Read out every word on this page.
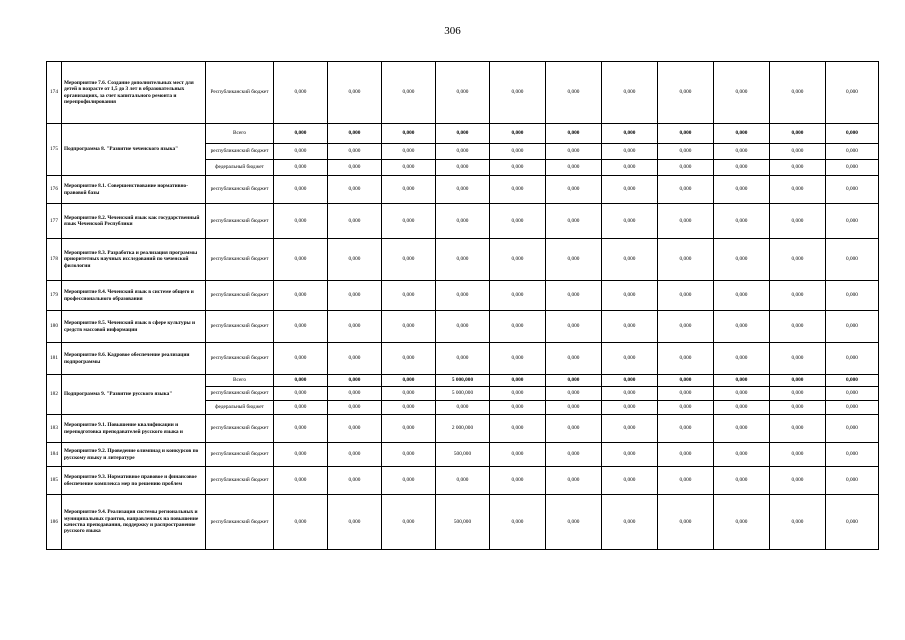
306
174	Мероприятие 7.6. Создание дополнительных мест для детей в возрасте от 1,5 до 3 лет в образовательных организациях, за счет капитального ремонта и перепрофилирования	Республиканский бюджет	0,000	0,000	0,000	0,000	0,000	0,000	0,000	0,000	0,000	0,000	0,000
175	Подпрограмма 8. "Развитие чеченского языка"	Всего	0,000	0,000	0,000	0,000	0,000	0,000	0,000	0,000	0,000	0,000	0,000
		республиканский бюджет	0,000	0,000	0,000	0,000	0,000	0,000	0,000	0,000	0,000	0,000	0,000
		федеральный бюджет	0,000	0,000	0,000	0,000	0,000	0,000	0,000	0,000	0,000	0,000	0,000
176	Мероприятие 8.1. Совершенствование нормативно-правовой базы	республиканский бюджет	0,000	0,000	0,000	0,000	0,000	0,000	0,000	0,000	0,000	0,000	0,000
177	Мероприятие 8.2. Чеченский язык как государственный язык Чеченской Республики	республиканский бюджет	0,000	0,000	0,000	0,000	0,000	0,000	0,000	0,000	0,000	0,000	0,000
178	Мероприятие 8.3. Разработка и реализация программы приоритетных научных исследований по чеченской филологии	республиканский бюджет	0,000	0,000	0,000	0,000	0,000	0,000	0,000	0,000	0,000	0,000	0,000
179	Мероприятие 8.4. Чеченский язык в системе общего и профессионального образования	республиканский бюджет	0,000	0,000	0,000	0,000	0,000	0,000	0,000	0,000	0,000	0,000	0,000
180	Мероприятие 8.5. Чеченский язык в сфере культуры и средств массовой информации	республиканский бюджет	0,000	0,000	0,000	0,000	0,000	0,000	0,000	0,000	0,000	0,000	0,000
181	Мероприятие 8.6. Кадровое обеспечение реализации подпрограммы	республиканский бюджет	0,000	0,000	0,000	0,000	0,000	0,000	0,000	0,000	0,000	0,000	0,000
182	Подпрограмма 9. "Развитие русского языка"	Всего	0,000	0,000	0,000	5 000,000	0,000	0,000	0,000	0,000	0,000	0,000	0,000
		республиканский бюджет	0,000	0,000	0,000	5 000,000	0,000	0,000	0,000	0,000	0,000	0,000	0,000
		федеральный бюджет	0,000	0,000	0,000	0,000	0,000	0,000	0,000	0,000	0,000	0,000	0,000
183	Мероприятие 9.1. Повышение квалификации и переподготовка преподавателей русского языка и	республиканский бюджет	0,000	0,000	0,000	2 000,000	0,000	0,000	0,000	0,000	0,000	0,000	0,000
184	Мероприятие 9.2. Проведение олимпиад и конкурсов по русскому языку и литературе	республиканский бюджет	0,000	0,000	0,000	500,000	0,000	0,000	0,000	0,000	0,000	0,000	0,000
185	Мероприятие 9.3. Нормативное правовое и финансовое обеспечение комплекса мер по решению проблем	республиканский бюджет	0,000	0,000	0,000	0,000	0,000	0,000	0,000	0,000	0,000	0,000	0,000
186	Мероприятие 9.4. Реализация системы региональных и муниципальных грантов, направленных на повышение качества преподавания, поддержку и распространение русского языка	республиканский бюджет	0,000	0,000	0,000	500,000	0,000	0,000	0,000	0,000	0,000	0,000	0,000
